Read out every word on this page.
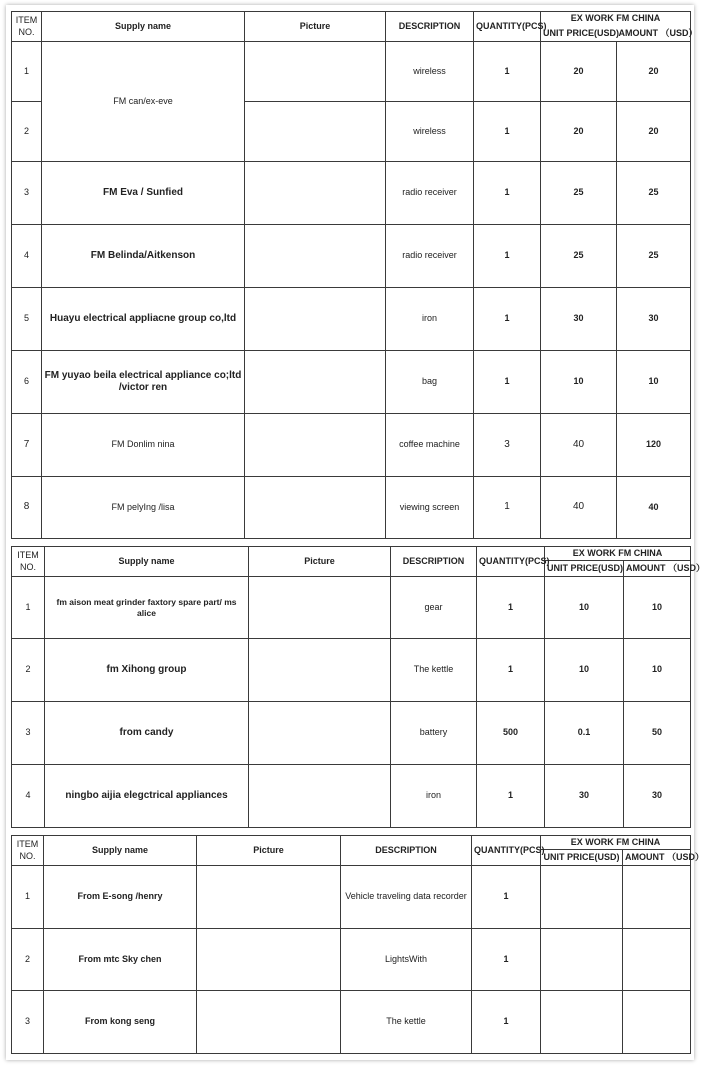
ITEM NO.	Supply name	Picture	DESCRIPTION	QUANTITY(PCS)	EX WORK FM CHINA	
					UNIT PRICE(USD)	AMOUNT （USD）
1	FM can/ex-eve		wireless	1	20	20
2			wireless	1	20	20
3	FM Eva / Sunfied		radio receiver	1	25	25
4	FM Belinda/Aitkenson		radio receiver	1	25	25
5	Huayu electrical appliacne group co,ltd		iron	1	30	30
6	FM yuyao beila electrical appliance co;ltd /victor ren		bag	1	10	10
7	FM Donlim nina		coffee machine	3	40	120
8	FM pelyIng /lisa		viewing screen	1	40	40
ITEM NO.	Supply name	Picture	DESCRIPTION	QUANTITY(PCS)	EX WORK FM CHINA	
					UNIT PRICE(USD)	AMOUNT （USD）
1	fm aison meat grinder faxtory spare part/ ms alice		gear	1	10	10
2	fm Xihong group		The kettle	1	10	10
3	from candy		battery	500	0.1	50
4	ningbo aijia elegctrical appliances		iron	1	30	30
ITEM NO.	Supply name	Picture	DESCRIPTION	QUANTITY(PCS)	EX WORK FM CHINA	
					UNIT PRICE(USD)	AMOUNT （USD）
1	From E-song /henry		Vehicle traveling data recorder	1		
2	From mtc Sky chen		LightsWith	1		
3	From kong seng		The kettle	1		
